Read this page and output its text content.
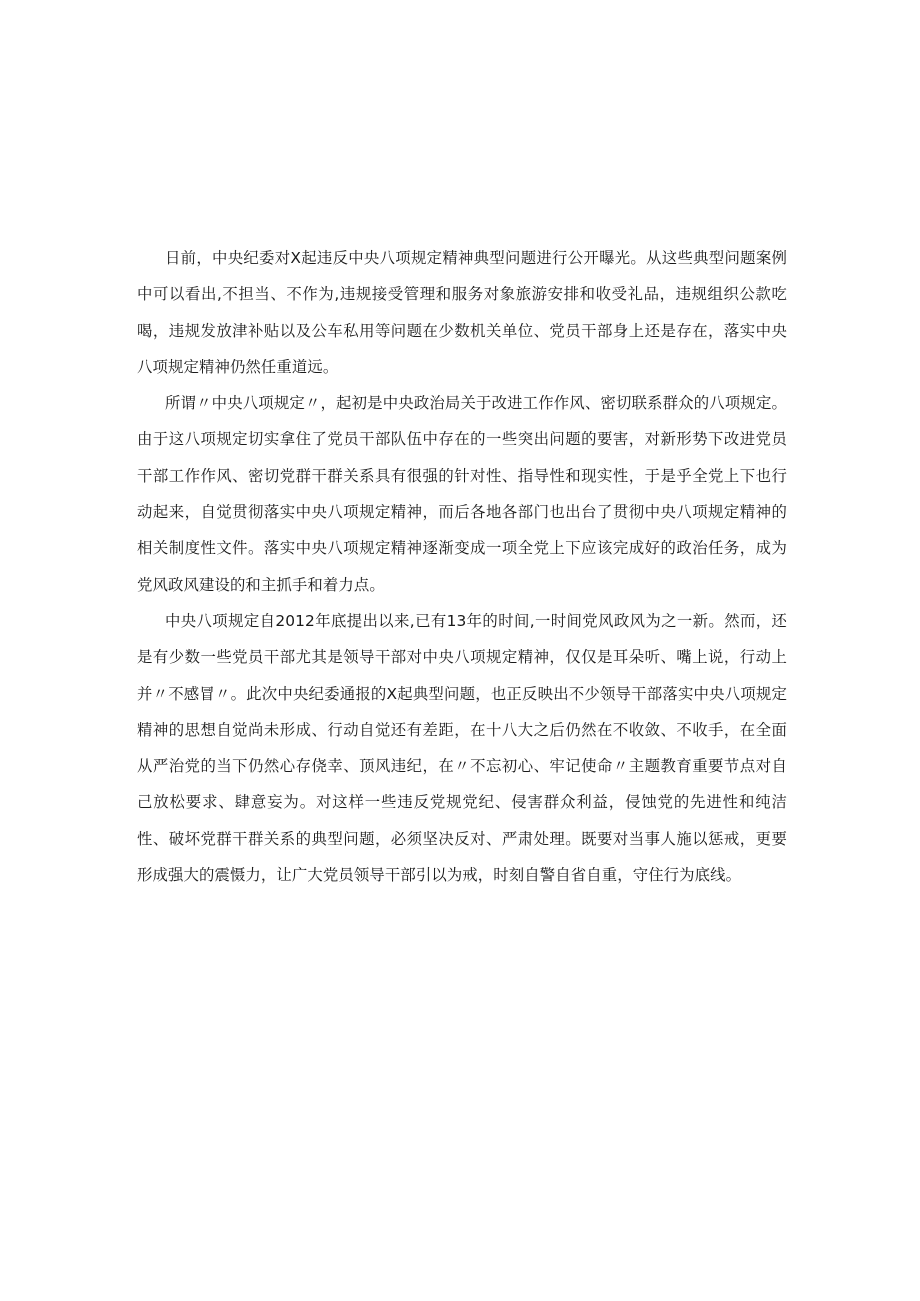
日前，中央纪委对X起违反中央八项规定精神典型问题进行公开曝光。从这些典型问题案例中可以看出,不担当、不作为,违规接受管理和服务对象旅游安排和收受礼品，违规组织公款吃喝，违规发放津补贴以及公车私用等问题在少数机关单位、党员干部身上还是存在，落实中央八项规定精神仍然任重道远。

所谓〃中央八项规定〃，起初是中央政治局关于改进工作作风、密切联系群众的八项规定。由于这八项规定切实拿住了党员干部队伍中存在的一些突出问题的要害，对新形势下改进党员干部工作作风、密切党群干群关系具有很强的针对性、指导性和现实性，于是乎全党上下也行动起来，自觉贯彻落实中央八项规定精神，而后各地各部门也出台了贯彻中央八项规定精神的相关制度性文件。落实中央八项规定精神逐渐变成一项全党上下应该完成好的政治任务，成为党风政风建设的和主抓手和着力点。

中央八项规定自2012年底提出以来,已有13年的时间,一时间党风政风为之一新。然而，还是有少数一些党员干部尤其是领导干部对中央八项规定精神，仅仅是耳朵听、嘴上说，行动上并〃不感冒〃。此次中央纪委通报的X起典型问题，也正反映出不少领导干部落实中央八项规定精神的思想自觉尚未形成、行动自觉还有差距，在十八大之后仍然在不收敛、不收手，在全面从严治党的当下仍然心存侥幸、顶风违纪，在〃不忘初心、牢记使命〃主题教育重要节点对自己放松要求、肆意妄为。对这样一些违反党规党纪、侵害群众利益，侵蚀党的先进性和纯洁性、破坏党群干群关系的典型问题，必须坚决反对、严肃处理。既要对当事人施以惩戒，更要形成强大的震慑力，让广大党员领导干部引以为戒，时刻自警自省自重，守住行为底线。
